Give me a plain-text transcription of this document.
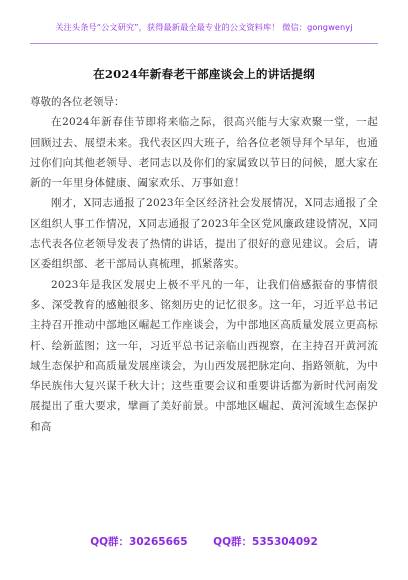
关注头条号“公文研究”，获得最新最全最专业的公文资料库！ 微信：gongwenyj
在2024年新春老干部座谈会上的讲话提纲

尊敬的各位老领导：

在2024年新春佳节即将来临之际，很高兴能与大家欢聚一堂，一起回顾过去、展望未来。我代表区四大班子，给各位老领导拜个早年，也通过你们向其他老领导、老同志以及你们的家属致以节日的问候，愿大家在新的一年里身体健康、阖家欢乐、万事如意！

刚才，X同志通报了2023年全区经济社会发展情况，X同志通报了全区组织人事工作情况，X同志通报了2023年全区党风廉政建设情况，X同志代表各位老领导发表了热情的讲话，提出了很好的意见建议。会后，请区委组织部、老干部局认真梳理，抓紧落实。

2023年是我区发展史上极不平凡的一年，让我们倍感振奋的事情很多、深受教育的感触很多、铭刻历史的记忆很多。这一年，习近平总书记主持召开推动中部地区崛起工作座谈会，为中部地区高质量发展立更高标杆、绘新蓝图；这一年，习近平总书记亲临山西视察，在主持召开黄河流域生态保护和高质量发展座谈会，为山西发展把脉定向、指路领航，为中华民族伟大复兴谋千秋大计；这些重要会议和重要讲话都为新时代河南发展提出了重大要求，擘画了美好前景。中部地区崛起、黄河流域生态保护和高

QQ群：30265665 QQ群：535304092
